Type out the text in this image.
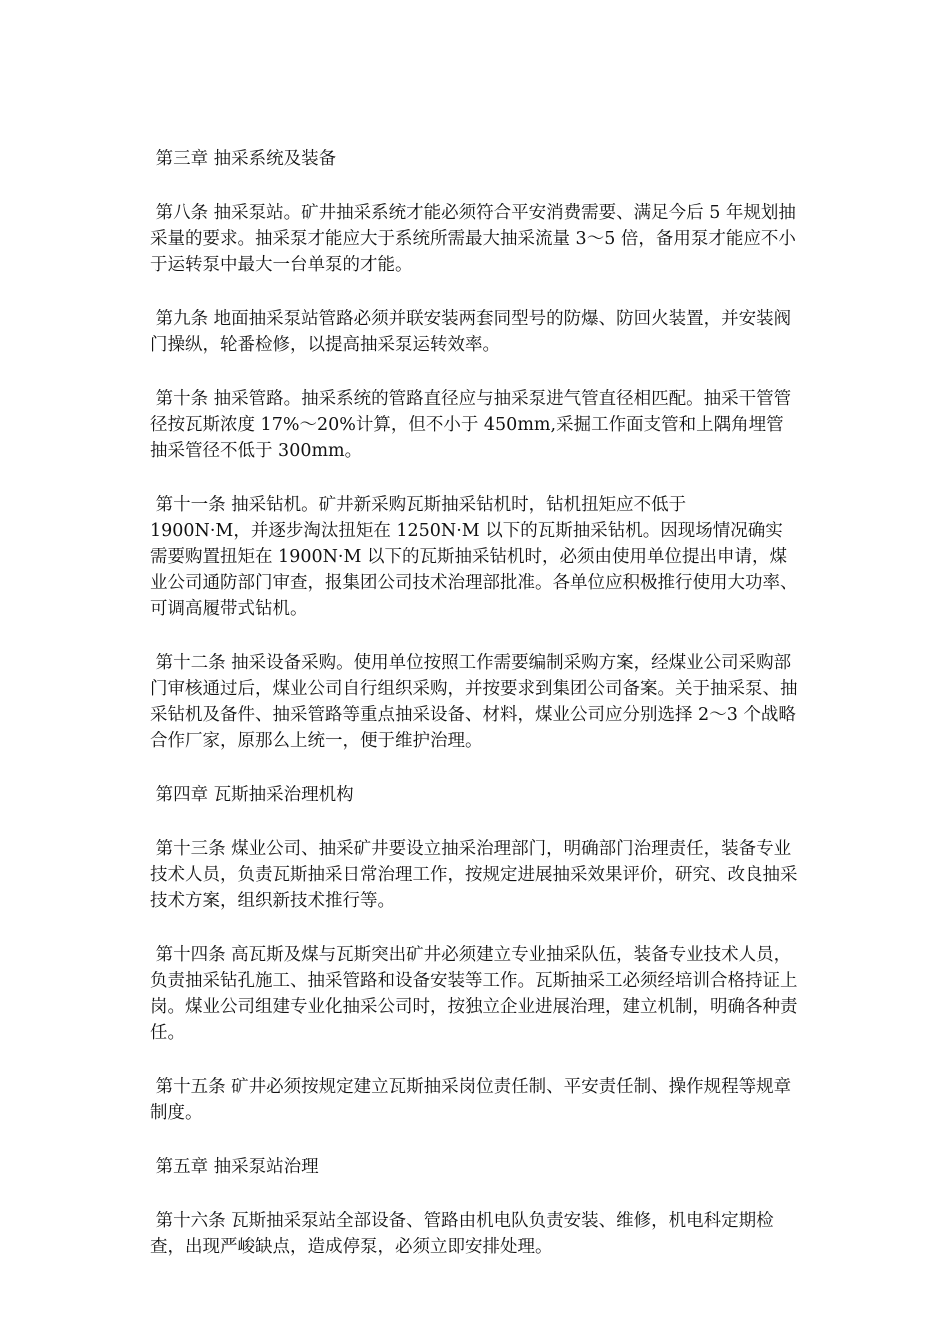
第三章 抽采系统及装备

第八条 抽采泵站。矿井抽采系统才能必须符合平安消费需要、满足今后 5 年规划抽采量的要求。抽采泵才能应大于系统所需最大抽采流量 3～5 倍，备用泵才能应不小于运转泵中最大一台单泵的才能。

第九条 地面抽采泵站管路必须并联安装两套同型号的防爆、防回火装置，并安装阀门操纵，轮番检修，以提高抽采泵运转效率。

第十条 抽采管路。抽采系统的管路直径应与抽采泵进气管直径相匹配。抽采干管管径按瓦斯浓度 17%～20%计算，但不小于 450mm,采掘工作面支管和上隅角埋管抽采管径不低于 300mm。

第十一条 抽采钻机。矿井新采购瓦斯抽采钻机时，钻机扭矩应不低于
1900N·M，并逐步淘汰扭矩在 1250N·M 以下的瓦斯抽采钻机。因现场情况确实需要购置扭矩在 1900N·M 以下的瓦斯抽采钻机时，必须由使用单位提出申请，煤业公司通防部门审查，报集团公司技术治理部批准。各单位应积极推行使用大功率、可调高履带式钻机。

第十二条 抽采设备采购。使用单位按照工作需要编制采购方案，经煤业公司采购部门审核通过后，煤业公司自行组织采购，并按要求到集团公司备案。关于抽采泵、抽采钻机及备件、抽采管路等重点抽采设备、材料，煤业公司应分别选择 2～3 个战略合作厂家，原那么上统一，便于维护治理。

第四章 瓦斯抽采治理机构

第十三条 煤业公司、抽采矿井要设立抽采治理部门，明确部门治理责任，装备专业技术人员，负责瓦斯抽采日常治理工作，按规定进展抽采效果评价，研究、改良抽采技术方案，组织新技术推行等。

第十四条 高瓦斯及煤与瓦斯突出矿井必须建立专业抽采队伍，装备专业技术人员，负责抽采钻孔施工、抽采管路和设备安装等工作。瓦斯抽采工必须经培训合格持证上岗。煤业公司组建专业化抽采公司时，按独立企业进展治理，建立机制，明确各种责任。

第十五条 矿井必须按规定建立瓦斯抽采岗位责任制、平安责任制、操作规程等规章制度。

第五章 抽采泵站治理

第十六条 瓦斯抽采泵站全部设备、管路由机电队负责安装、维修，机电科定期检查，出现严峻缺点，造成停泵，必须立即安排处理。
